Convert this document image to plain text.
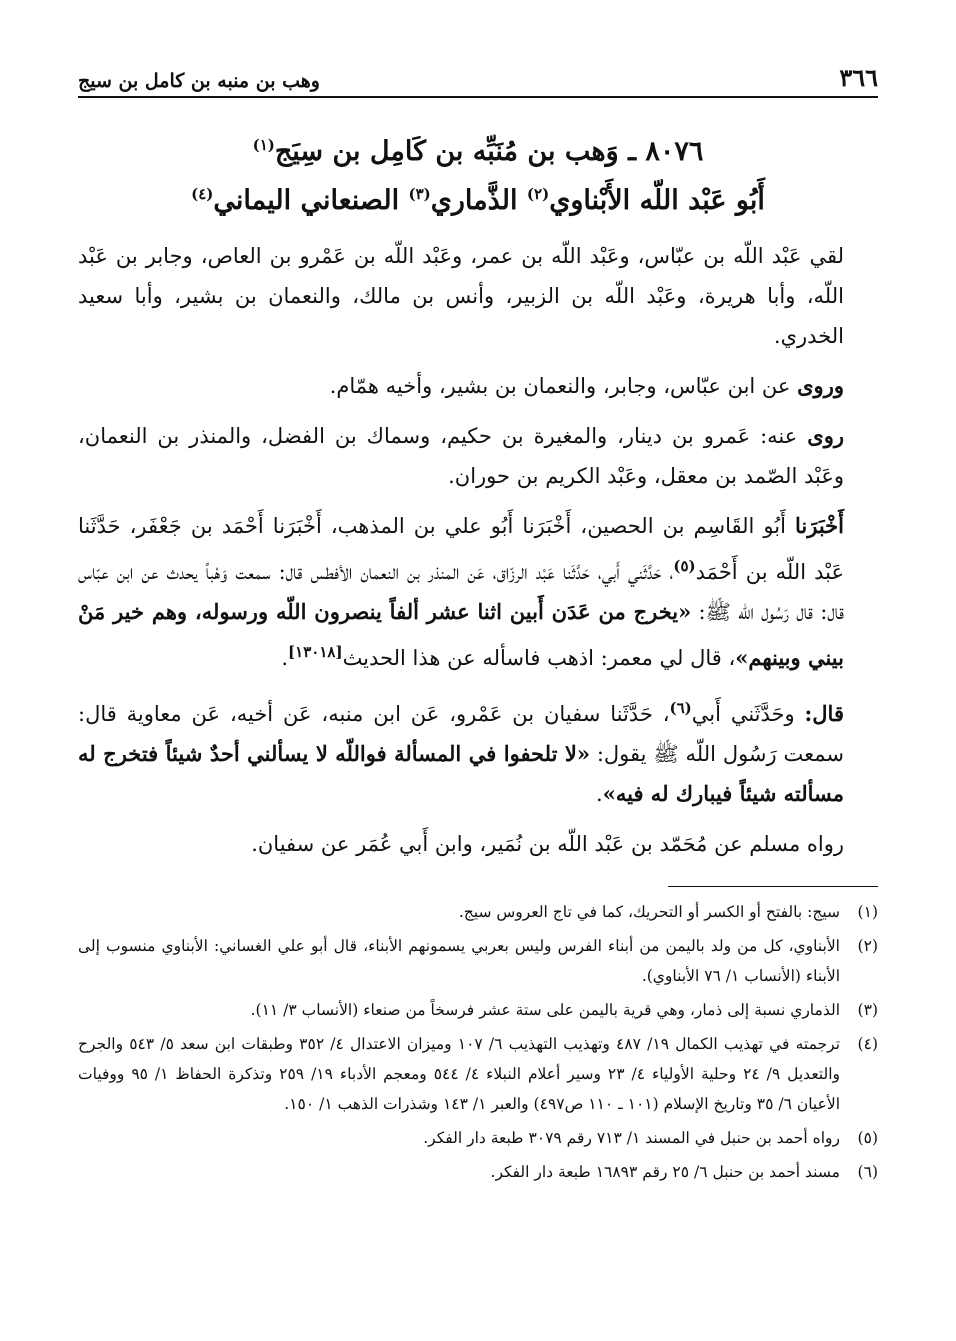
٣٦٦
وهب بن منبه بن كامل بن سيج
٨٠٧٦ ـ وَهب بن مُنَبِّه بن كَامِل بن سِيَج$^{(١)}$
أَبُو عَبْد اللّه الأَبْناوي$^{(٢)}$ الذَّماري$^{(٣)}$ الصنعاني اليماني$^{(٤)}$

لقي عَبْد اللّه بن عبّاس، وعَبْد اللّه بن عمر، وعَبْد اللّه بن عَمْرو بن العاص، وجابر بن عَبْد اللّه، وأبا هريرة، وعَبْد اللّه بن الزبير، وأنس بن مالك، والنعمان بن بشير، وأبا سعيد الخدري.

وروى عن ابن عبّاس، وجابر، والنعمان بن بشير، وأخيه همّام.

روى عنه: عَمرو بن دينار، والمغيرة بن حكيم، وسماك بن الفضل، والمنذر بن النعمان، وعَبْد الصّمد بن معقل، وعَبْد الكريم بن حوران.

أَخْبَرَنا أَبُو القَاسِم بن الحصين، أَخْبَرَنا أَبُو علي بن المذهب، أَخْبَرَنا أَحْمَد بن جَعْفَر، حَدَّثَنا عَبْد اللّه بن أَحْمَد$^{(٥)}$، حَدَّثَني أَبي، حَدَّثَنا عَبْد الرزّاق، عَن المنذر بن النعمان الأفطس قال: سمعت وَهْباً يحدث عن ابن عبّاس قال: قال رَسُول اللّه ﷺ: «يخرج من عَدَن أَبين اثنا عشر ألفاً ينصرون اللّه ورسوله، وهم خير مَنْ بيني وبينهم»، قال لي معمر: اذهب فاسأله عن هذا الحديث[١٣٠١٨].

قال: وحَدَّثَني أَبي$^{(٦)}$، حَدَّثَنا سفيان بن عَمْرو، عَن ابن منبه، عَن أخيه، عَن معاوية قال: سمعت رَسُول اللّه ﷺ يقول: «لا تلحفوا في المسألة فواللّه لا يسألني أحدٌ شيئاً فتخرج له مسألته شيئاً فيبارك له فيه».

رواه مسلم عن مُحَمّد بن عَبْد اللّه بن نُمَير، وابن أَبي عُمَر عن سفيان.

(١)
سيج: بالفتح أو الكسر أو التحريك، كما في تاج العروس سيج.
(٢)
الأبناوي، كل من ولد باليمن من أبناء الفرس وليس بعربي يسمونهم الأبناء، قال أبو علي الغساني: الأبناوي منسوب إلى الأبناء (الأنساب ١/ ٧٦ الأبناوي).
(٣)
الذماري نسبة إلى ذمار، وهي قرية باليمن على ستة عشر فرسخاً من صنعاء (الأنساب ٣/ ١١).
(٤)
ترجمته في تهذيب الكمال ١٩/ ٤٨٧ وتهذيب التهذيب ٦/ ١٠٧ وميزان الاعتدال ٤/ ٣٥٢ وطبقات ابن سعد ٥/ ٥٤٣ والجرح والتعديل ٩/ ٢٤ وحلية الأولياء ٤/ ٢٣ وسير أعلام النبلاء ٤/ ٥٤٤ ومعجم الأدباء ١٩/ ٢٥٩ وتذكرة الحفاظ ١/ ٩٥ ووفيات الأعيان ٦/ ٣٥ وتاريخ الإسلام (١٠١ ـ ١١٠ ص٤٩٧) والعبر ١/ ١٤٣ وشذرات الذهب ١/ ١٥٠.
(٥)
رواه أحمد بن حنبل في المسند ١/ ٧١٣ رقم ٣٠٧٩ طبعة دار الفكر.
(٦)
مسند أحمد بن حنبل ٦/ ٢٥ رقم ١٦٨٩٣ طبعة دار الفكر.
